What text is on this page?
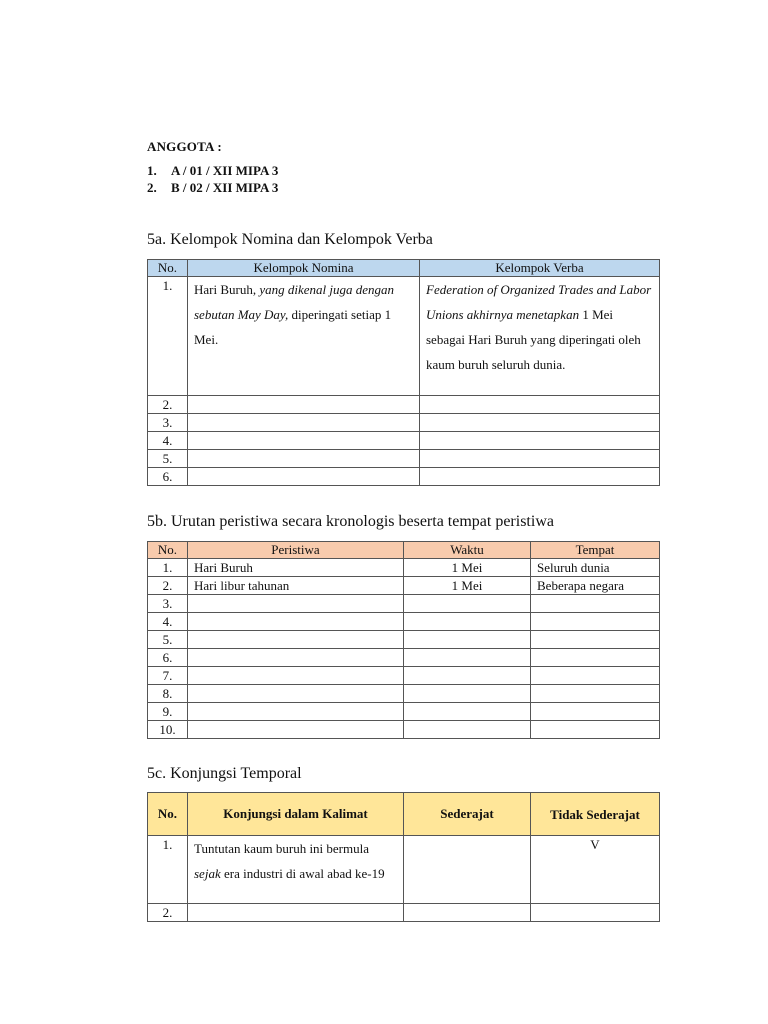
ANGGOTA :
1. A / 01 / XII MIPA 3
2. B / 02 / XII MIPA 3
5a. Kelompok Nomina dan Kelompok Verba
No.	Kelompok Nomina	Kelompok Verba
1.	Hari Buruh, yang dikenal juga dengan sebutan May Day, diperingati setiap 1 Mei.	Federation of Organized Trades and Labor Unions akhirnya menetapkan 1 Mei sebagai Hari Buruh yang diperingati oleh kaum buruh seluruh dunia.
2.		
3.		
4.		
5.		
6.		
5b. Urutan peristiwa secara kronologis beserta tempat peristiwa
No.	Peristiwa	Waktu	Tempat
1.	Hari Buruh	1 Mei	Seluruh dunia
2.	Hari libur tahunan	1 Mei	Beberapa negara
3.			
4.			
5.			
6.			
7.			
8.			
9.			
10.			
5c. Konjungsi Temporal
No.	Konjungsi dalam Kalimat	Sederajat	Tidak Sederajat
1.	Tuntutan kaum buruh ini bermula sejak era industri di awal abad ke-19		V
2.			
